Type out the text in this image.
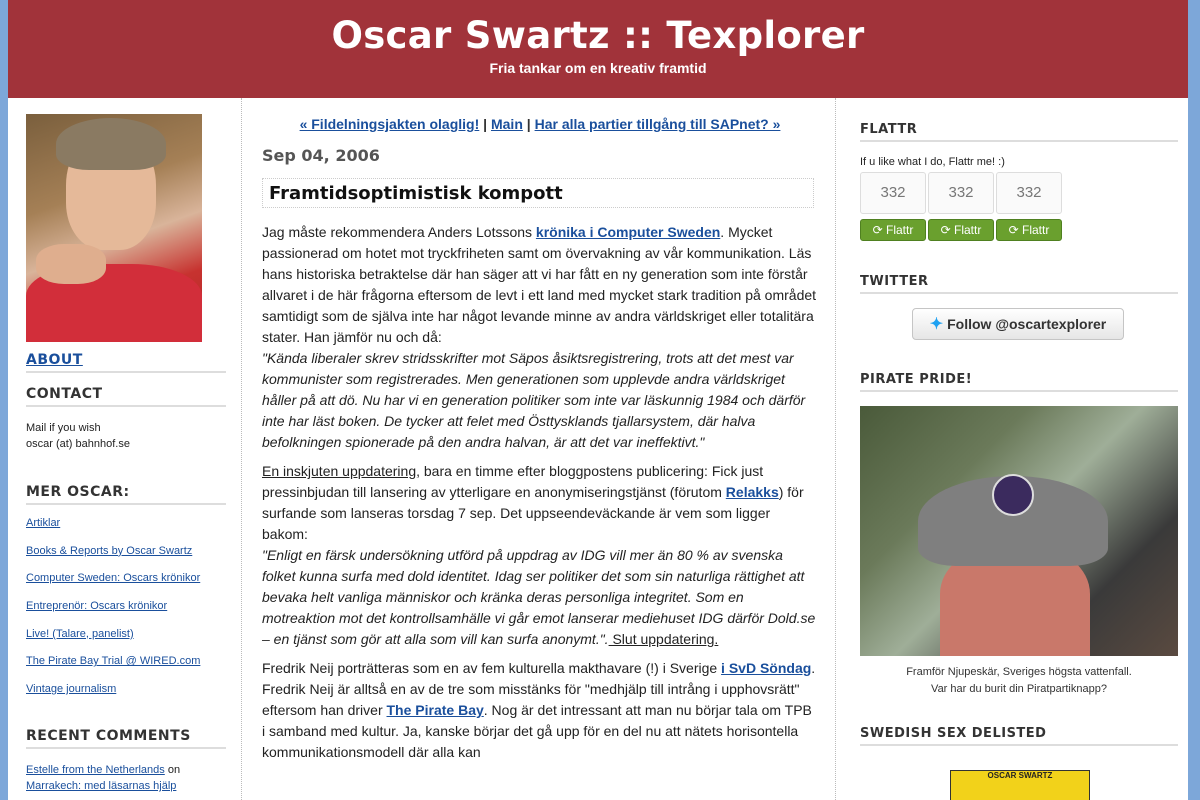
Oscar Swartz :: Texplorer
Fria tankar om en kreativ framtid
ABOUT
CONTACT
Mail if you wish
oscar (at) bahnhof.se
MER OSCAR:
Artiklar
Books & Reports by Oscar Swartz
Computer Sweden: Oscars krönikor
Entreprenör: Oscars krönikor
Live! (Talare, panelist)
The Pirate Bay Trial @ WIRED.com
Vintage journalism
RECENT COMMENTS
Estelle from the Netherlands on
Marrakech: med läsarnas hjälp
« Fildelningsjakten olaglig! | Main | Har alla partier tillgång till SAPnet? »
Sep 04, 2006
Framtidsoptimistisk kompott

Jag måste rekommendera Anders Lotssons krönika i Computer Sweden. Mycket passionerad om hotet mot tryckfriheten samt om övervakning av vår kommunikation. Läs hans historiska betraktelse där han säger att vi har fått en ny generation som inte förstår allvaret i de här frågorna eftersom de levt i ett land med mycket stark tradition på området samtidigt som de själva inte har något levande minne av andra världskriget eller totalitära stater. Han jämför nu och då:
"Kända liberaler skrev stridsskrifter mot Säpos åsiktsregistrering, trots att det mest var kommunister som registrerades. Men generationen som upplevde andra världskriget håller på att dö. Nu har vi en generation politiker som inte var läskunnig 1984 och därför inte har läst boken. De tycker att felet med Östtysklands tjallarsystem, där halva befolkningen spionerade på den andra halvan, är att det var ineffektivt."

En inskjuten uppdatering, bara en timme efter bloggpostens publicering: Fick just pressinbjudan till lansering av ytterligare en anonymiseringstjänst (förutom Relakks) för surfande som lanseras torsdag 7 sep. Det uppseendeväckande är vem som ligger bakom:
"Enligt en färsk undersökning utförd på uppdrag av IDG vill mer än 80 % av svenska folket kunna surfa med dold identitet. Idag ser politiker det som sin naturliga rättighet att bevaka helt vanliga människor och kränka deras personliga integritet. Som en motreaktion mot det kontrollsamhälle vi går emot lanserar mediehuset IDG därför Dold.se – en tjänst som gör att alla som vill kan surfa anonymt.". Slut uppdatering.

Fredrik Neij porträtteras som en av fem kulturella makthavare (!) i Sverige i SvD Söndag. Fredrik Neij är alltså en av de tre som misstänks för "medhjälp till intrång i upphovsrätt" eftersom han driver The Pirate Bay. Nog är det intressant att man nu börjar tala om TPB i samband med kultur. Ja, kanske börjar det gå upp för en del nu att nätets horisontella kommunikationsmodell där alla kan

FLATTR
If u like what I do, Flattr me! :)
332	332	332
⟳ Flattr	⟳ Flattr	⟳ Flattr
TWITTER
✦ Follow @oscartexplorer
PIRATE PRIDE!
Framför Njupeskär, Sveriges högsta vattenfall.
Var har du burit din Piratpartiknapp?
SWEDISH SEX DELISTED
OSCAR SWARTZ
